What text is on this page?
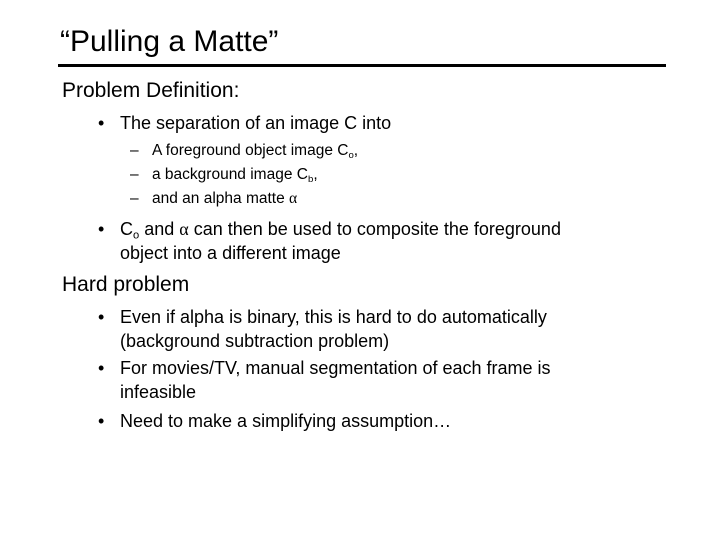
“Pulling a Matte”
Problem Definition:
• The separation of an image C into
– A foreground object image $C_o$,
– a background image $C_b$,
– and an alpha matte α
• $C_o$ and α can then be used to composite the foreground
object into a different image
Hard problem
• Even if alpha is binary, this is hard to do automatically
(background subtraction problem)
• For movies/TV, manual segmentation of each frame is
infeasible
• Need to make a simplifying assumption…
